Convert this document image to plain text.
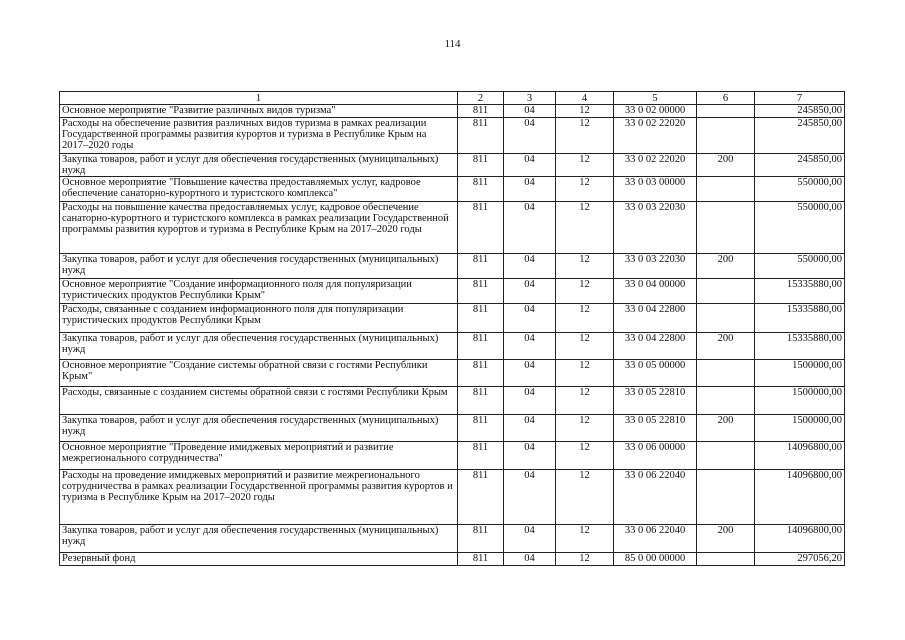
114
1	2	3	4	5	6	7
Основное мероприятие "Развитие различных видов туризма"	811	04	12	33 0 02 00000		245850,00
Расходы на обеспечение развития различных видов туризма в рамках реализации Государственной программы развития курортов и туризма в Республике Крым на 2017–2020 годы	811	04	12	33 0 02 22020		245850,00
Закупка товаров, работ и услуг для обеспечения государственных (муниципальных) нужд	811	04	12	33 0 02 22020	200	245850,00
Основное мероприятие "Повышение качества предоставляемых услуг, кадровое обеспечение санаторно-курортного и туристского комплекса"	811	04	12	33 0 03 00000		550000,00
Расходы на повышение качества предоставляемых услуг, кадровое обеспечение санаторно-курортного и туристского комплекса в рамках реализации Государственной программы развития курортов и туризма в Республике Крым на 2017–2020 годы	811	04	12	33 0 03 22030		550000,00
Закупка товаров, работ и услуг для обеспечения государственных (муниципальных) нужд	811	04	12	33 0 03 22030	200	550000,00
Основное мероприятие "Создание информационного поля для популяризации туристических продуктов Республики Крым"	811	04	12	33 0 04 00000		15335880,00
Расходы, связанные с созданием информационного поля для популяризации туристических продуктов Республики Крым	811	04	12	33 0 04 22800		15335880,00
Закупка товаров, работ и услуг для обеспечения государственных (муниципальных) нужд	811	04	12	33 0 04 22800	200	15335880,00
Основное мероприятие "Создание системы обратной связи с гостями Республики Крым"	811	04	12	33 0 05 00000		1500000,00
Расходы, связанные с созданием системы обратной связи с гостями Республики Крым	811	04	12	33 0 05 22810		1500000,00
Закупка товаров, работ и услуг для обеспечения государственных (муниципальных) нужд	811	04	12	33 0 05 22810	200	1500000,00
Основное мероприятие "Проведение имиджевых мероприятий и развитие межрегионального сотрудничества"	811	04	12	33 0 06 00000		14096800,00
Расходы на проведение имиджевых мероприятий и развитие межрегионального сотрудничества в рамках реализации Государственной программы развития курортов и туризма в Республике Крым на 2017–2020 годы	811	04	12	33 0 06 22040		14096800,00
Закупка товаров, работ и услуг для обеспечения государственных (муниципальных) нужд	811	04	12	33 0 06 22040	200	14096800,00
Резервный фонд	811	04	12	85 0 00 00000		297056,20
